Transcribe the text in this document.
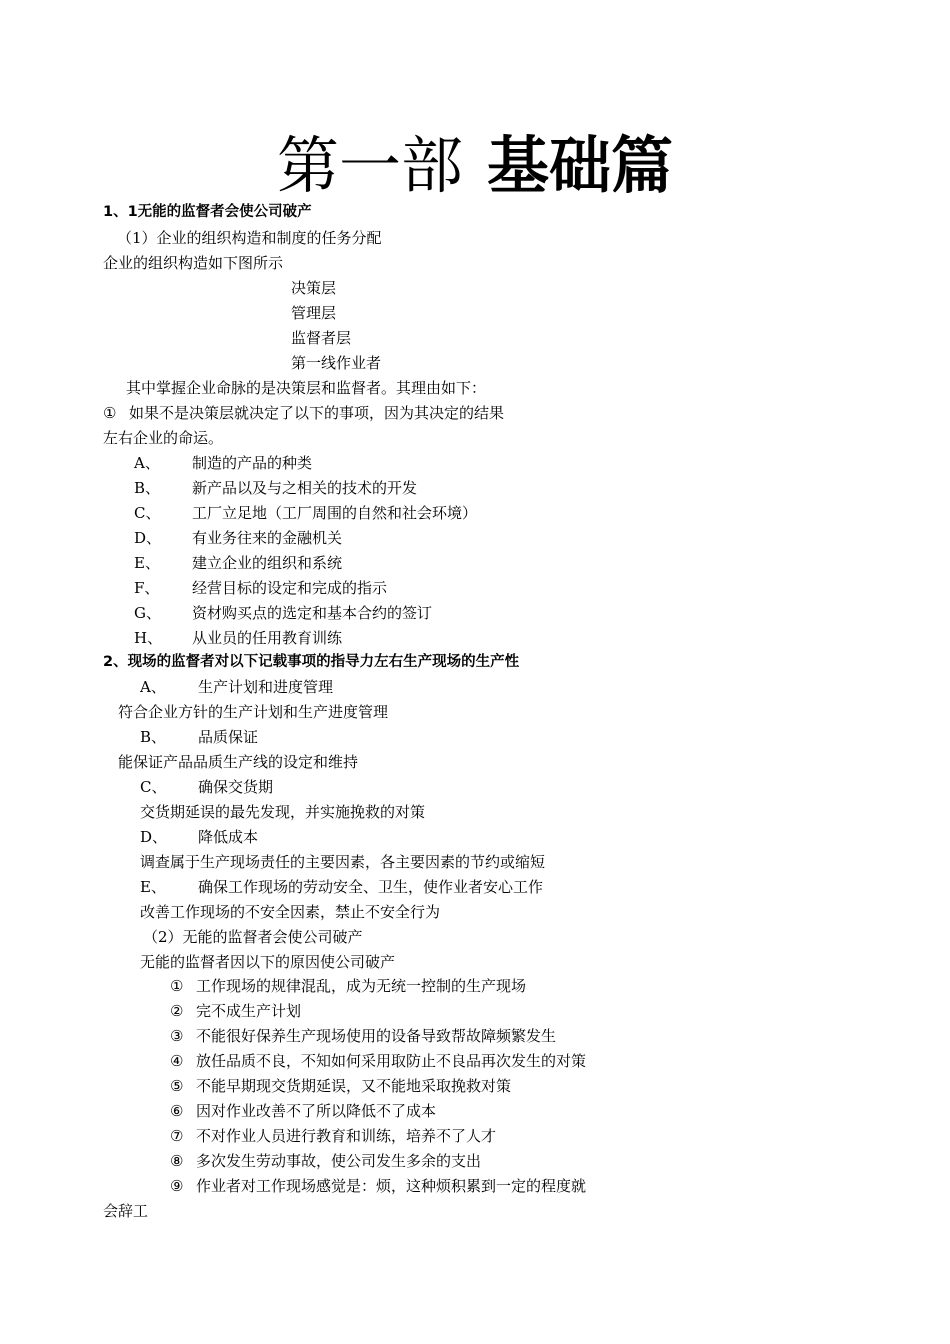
第一部 基础篇
1、1无能的监督者会使公司破产
（1）企业的组织构造和制度的任务分配
企业的组织构造如下图所示
决策层
管理层
监督者层
第一线作业者
其中掌握企业命脉的是决策层和监督者。其理由如下：
① 如果不是决策层就决定了以下的事项，因为其决定的结果
左右企业的命运。
A、 制造的产品的种类
B、 新产品以及与之相关的技术的开发
C、 工厂立足地（工厂周围的自然和社会环境）
D、 有业务往来的金融机关
E、 建立企业的组织和系统
F、 经营目标的设定和完成的指示
G、 资材购买点的选定和基本合约的签订
H、 从业员的任用教育训练
2、现场的监督者对以下记载事项的指导力左右生产现场的生产性
A、 生产计划和进度管理
符合企业方针的生产计划和生产进度管理
B、 品质保证
能保证产品品质生产线的设定和维持
C、 确保交货期
交货期延误的最先发现，并实施挽救的对策
D、 降低成本
调查属于生产现场责任的主要因素，各主要因素的节约或缩短
E、 确保工作现场的劳动安全、卫生，使作业者安心工作
改善工作现场的不安全因素，禁止不安全行为
（2）无能的监督者会使公司破产
无能的监督者因以下的原因使公司破产
① 工作现场的规律混乱，成为无统一控制的生产现场
② 完不成生产计划
③ 不能很好保养生产现场使用的设备导致帮故障频繁发生
④ 放任品质不良，不知如何采用取防止不良品再次发生的对策
⑤ 不能早期现交货期延误，又不能地采取挽救对策
⑥ 因对作业改善不了所以降低不了成本
⑦ 不对作业人员进行教育和训练，培养不了人才
⑧ 多次发生劳动事故，使公司发生多余的支出
⑨ 作业者对工作现场感觉是：烦，这种烦积累到一定的程度就
会辞工
